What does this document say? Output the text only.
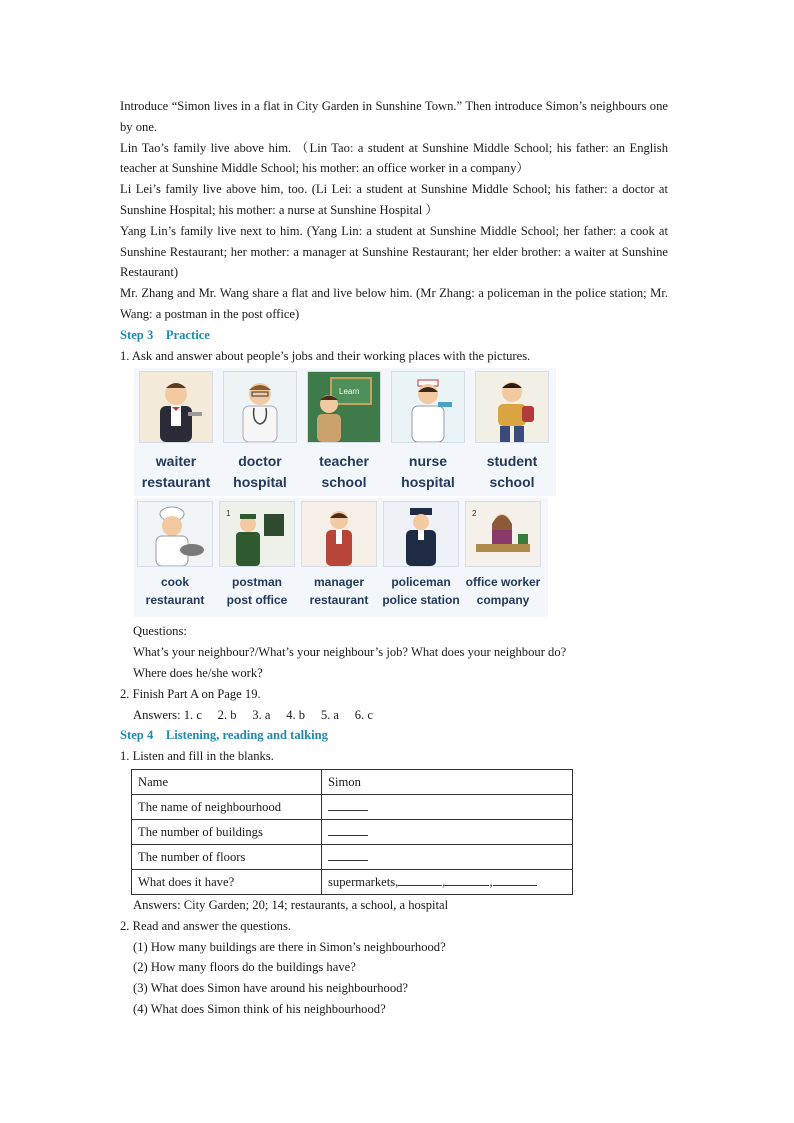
Introduce “Simon lives in a flat in City Garden in Sunshine Town.” Then introduce Simon’s neighbours one by one.

Lin Tao’s family live above him. （Lin Tao: a student at Sunshine Middle School; his father: an English teacher at Sunshine Middle School; his mother: an office worker in a company）

Li Lei’s family live above him, too. (Li Lei: a student at Sunshine Middle School; his father: a doctor at Sunshine Hospital; his mother: a nurse at Sunshine Hospital ）

Yang Lin’s family live next to him. (Yang Lin: a student at Sunshine Middle School; her father: a cook at Sunshine Restaurant; her mother: a manager at Sunshine Restaurant; her elder brother: a waiter at Sunshine Restaurant)

Mr. Zhang and Mr. Wang share a flat and live below him. (Mr Zhang: a policeman in the police station; Mr. Wang: a postman in the post office)

Step 3    Practice

1. Ask and answer about people’s jobs and their working places with the pictures.

waiter
restaurant
doctor
hospital
Learn
teacher
school
nurse
hospital
student
school
cook
restaurant
1
postman
post office
manager
restaurant
policeman
police station
2
office worker
company

Questions:

What’s your neighbour?/What’s your neighbour’s job? What does your neighbour do?

Where does he/she work?

2. Finish Part A on Page 19.

Answers: 1. c     2. b     3. a     4. b     5. a     6. c

Step 4    Listening, reading and talking

1. Listen and fill in the blanks.

Name	Simon
The name of neighbourhood	
The number of buildings	
The number of floors	
What does it have?	supermarkets, , ,

Answers: City Garden; 20; 14; restaurants, a school, a hospital

2. Read and answer the questions.

(1) How many buildings are there in Simon’s neighbourhood?

(2) How many floors do the buildings have?

(3) What does Simon have around his neighbourhood?

(4) What does Simon think of his neighbourhood?
